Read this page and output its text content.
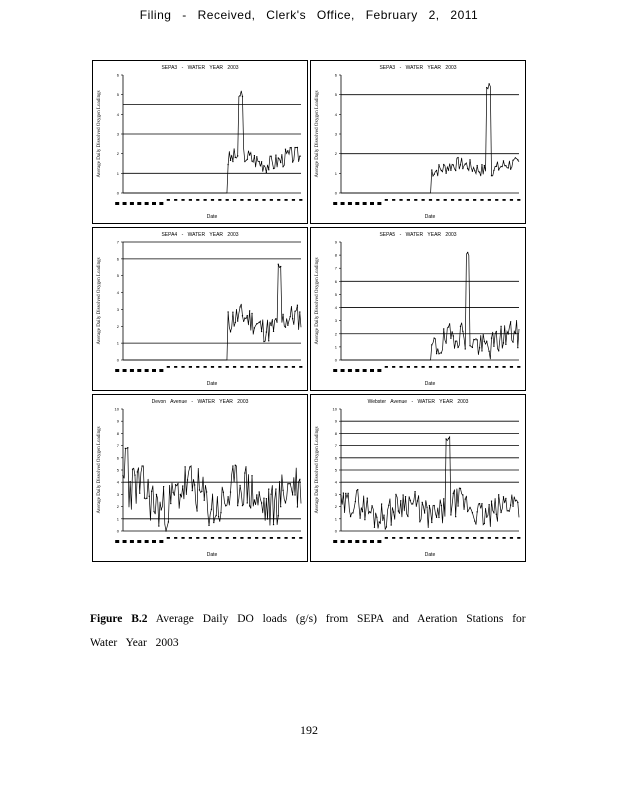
Filing - Received, Clerk's Office, February 2, 2011
SEPA3 - WATER YEAR 2003
Average Daily Dissolved Oxygen Loadings
0
1
2
3
4
5
6
Date
SEPA3 - WATER YEAR 2003
Average Daily Dissolved Oxygen Loadings
0
1
2
3
4
5
6
Date
SEPA4 - WATER YEAR 2003
Average Daily Dissolved Oxygen Loadings
0
1
2
3
4
5
6
7
Date
SEPA5 - WATER YEAR 2003
Average Daily Dissolved Oxygen Loadings
0
1
2
3
4
5
6
7
8
9
Date
Devon Avenue - WATER YEAR 2003
Average Daily Dissolved Oxygen Loadings
0
1
2
3
4
5
6
7
8
9
10
Date
Webster Avenue - WATER YEAR 2003
Average Daily Dissolved Oxygen Loadings
0
1
2
3
4
5
6
7
8
9
10
Date
Figure B.2 Average Daily DO loads (g/s) from SEPA and Aeration Stations for Water Year 2003
192
